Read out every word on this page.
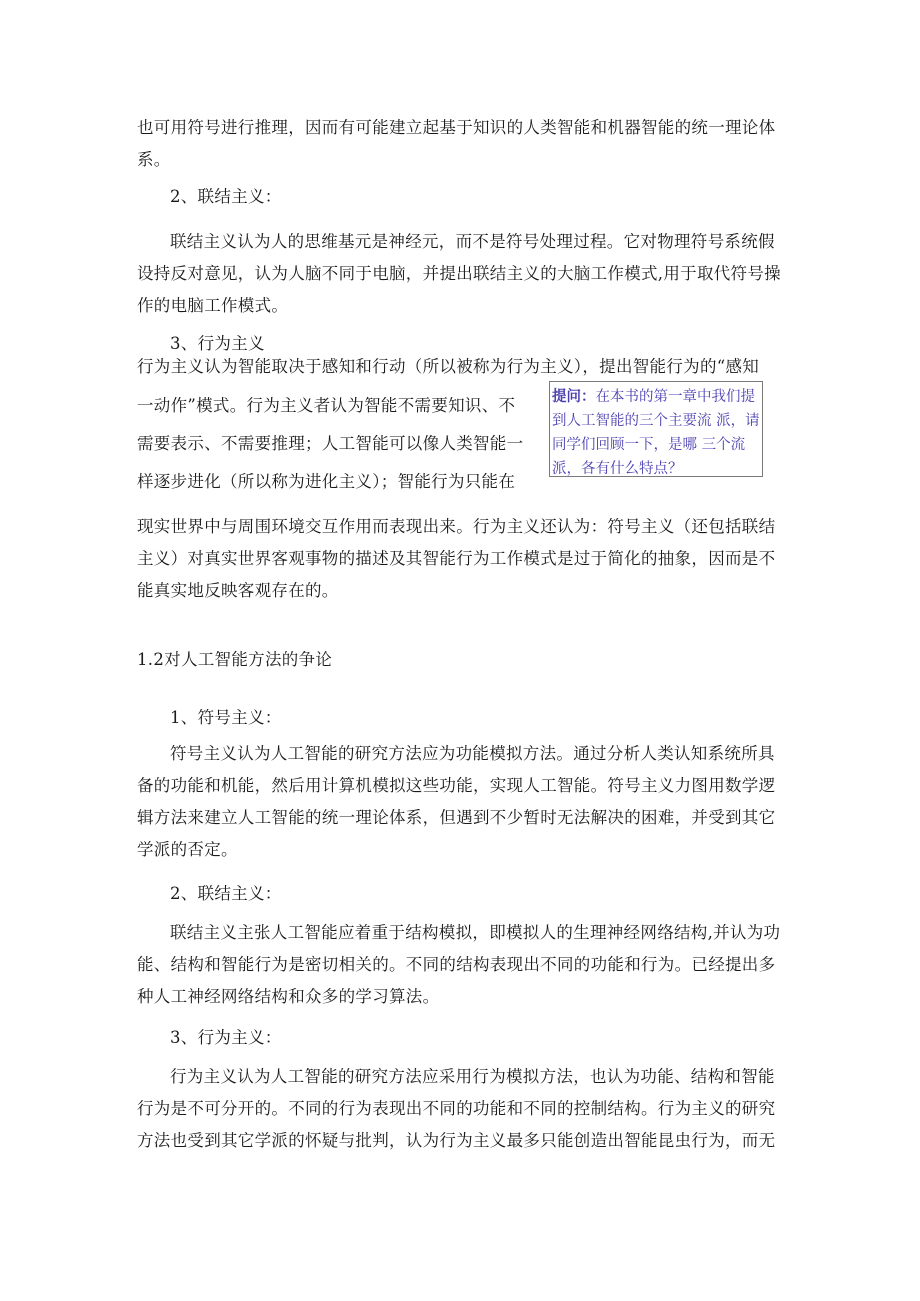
也可用符号进行推理，因而有可能建立起基于知识的人类智能和机器智能的统一理论体系。

2、联结主义：

联结主义认为人的思维基元是神经元，而不是符号处理过程。它对物理符号系统假设持反对意见，认为人脑不同于电脑，并提出联结主义的大脑工作模式,用于取代符号操作的电脑工作模式。

3、行为主义

行为主义认为智能取决于感知和行动（所以被称为行为主义），提出智能行为的“感知

一动作”模式。行为主义者认为智能不需要知识、不需要表示、不需要推理；人工智能可以像人类智能一样逐步进化（所以称为进化主义）；智能行为只能在

提问：在本书的第一章中我们提到人工智能的三个主要流 派，请同学们回顾一下，是哪 三个流派，各有什么特点？

现实世界中与周围环境交互作用而表现出来。行为主义还认为：符号主义（还包括联结主义）对真实世界客观事物的描述及其智能行为工作模式是过于简化的抽象，因而是不能真实地反映客观存在的。

1.2对人工智能方法的争论

1、符号主义：

符号主义认为人工智能的研究方法应为功能模拟方法。通过分析人类认知系统所具备的功能和机能，然后用计算机模拟这些功能，实现人工智能。符号主义力图用数学逻辑方法来建立人工智能的统一理论体系，但遇到不少暂时无法解决的困难，并受到其它学派的否定。

2、联结主义：

联结主义主张人工智能应着重于结构模拟，即模拟人的生理神经网络结构,并认为功能、结构和智能行为是密切相关的。不同的结构表现出不同的功能和行为。已经提出多种人工神经网络结构和众多的学习算法。

3、行为主义：

行为主义认为人工智能的研究方法应采用行为模拟方法，也认为功能、结构和智能行为是不可分开的。不同的行为表现出不同的功能和不同的控制结构。行为主义的研究方法也受到其它学派的怀疑与批判，认为行为主义最多只能创造出智能昆虫行为，而无
